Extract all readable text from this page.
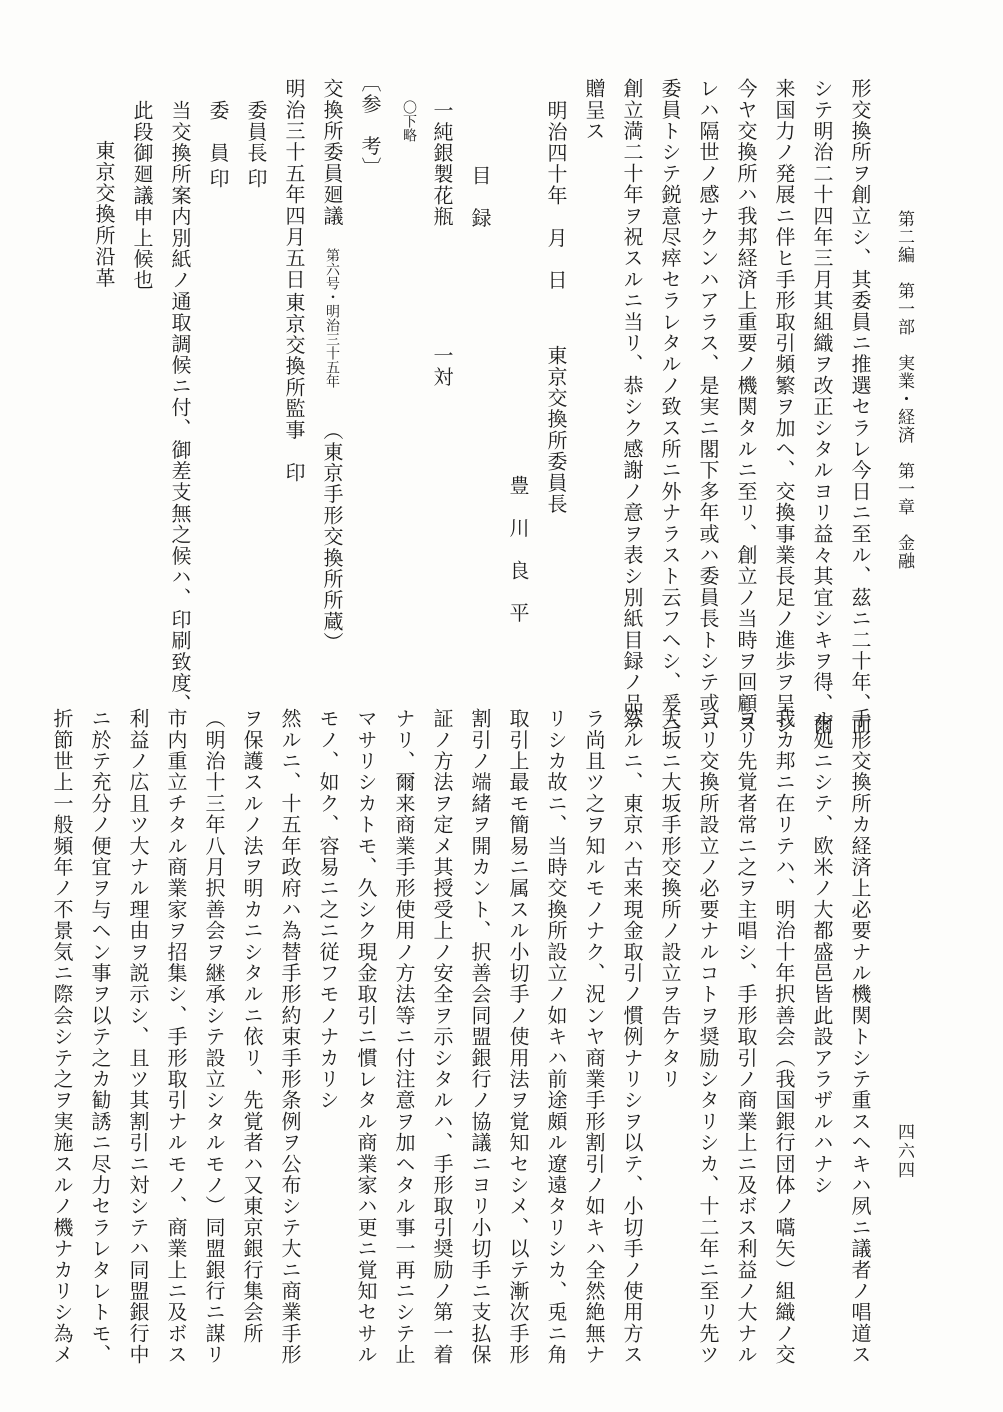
第二編　第一部　実業・経済　第一章　金融
四六四
形交換所ヲ創立シ、其委員ニ推選セラレ今日ニ至ル、茲ニ二十年、而
シテ明治二十四年三月其組織ヲ改正シタルヨリ益々其宜シキヲ得、爾
来国力ノ発展ニ伴ヒ手形取引頻繁ヲ加ヘ、交換事業長足ノ進歩ヲ呈シ
今ヤ交換所ハ我邦経済上重要ノ機関タルニ至リ、創立ノ当時ヲ回顧ス
レハ隔世ノ感ナクンハアラス、是実ニ閣下多年或ハ委員長トシテ或ハ
委員トシテ鋭意尽瘁セラレタルノ致ス所ニ外ナラスト云フヘシ、爰ニ
創立満二十年ヲ祝スルニ当リ、恭シク感謝ノ意ヲ表シ別紙目録ノ品ヲ
贈呈ス
明治四十年　月　日
東京交換所委員長
豊　川　良　平
目　録
一純銀製花瓶
一対
〇下略
〔参　考〕
交換所委員廻議
第六号・明治三十五年
（東京手形交換所所蔵）
明治三十五年四月五日
東京交換所監事
印
委員長
印
委　員
印
当交換所案内別紙ノ通取調候ニ付、御差支無之候ハ、印刷致度、
此段御廻議申上候也
東京交換所沿革
手形交換所カ経済上必要ナル機関トシテ重スヘキハ夙ニ議者ノ唱道ス
ル処ニシテ、欧米ノ大都盛邑皆此設アラザルハナシ
我カ邦ニ在リテハ、明治十年択善会（我国銀行団体ノ嚆矢）組織ノ交
ヨリ先覚者常ニ之ヲ主唱シ、手形取引ノ商業上ニ及ボス利益ノ大ナル
ヨリ交換所設立ノ必要ナルコトヲ奨励シタリシカ、十二年ニ至リ先ツ
大坂ニ大坂手形交換所ノ設立ヲ告ケタリ
然ルニ、東京ハ古来現金取引ノ慣例ナリシヲ以テ、小切手ノ使用方ス
ラ尚且ツ之ヲ知ルモノナク、況ンヤ商業手形割引ノ如キハ全然絶無ナ
リシカ故ニ、当時交換所設立ノ如キハ前途頗ル遼遠タリシカ、兎ニ角
取引上最モ簡易ニ属スル小切手ノ使用法ヲ覚知セシメ、以テ漸次手形
割引ノ端緒ヲ開カント、択善会同盟銀行ノ協議ニヨリ小切手ニ支払保
証ノ方法ヲ定メ其授受上ノ安全ヲ示シタルハ、手形取引奨励ノ第一着
ナリ、爾来商業手形使用ノ方法等ニ付注意ヲ加ヘタル事一再ニシテ止
マサリシカトモ、久シク現金取引ニ慣レタル商業家ハ更ニ覚知セサル
モノ、如ク、容易ニ之ニ従フモノナカリシ
然ルニ、十五年政府ハ為替手形約束手形条例ヲ公布シテ大ニ商業手形
ヲ保護スルノ法ヲ明カニシタルニ依リ、先覚者ハ又東京銀行集会所
（明治十三年八月択善会ヲ継承シテ設立シタルモノ）同盟銀行ニ謀リ
市内重立チタル商業家ヲ招集シ、手形取引ナルモノ、商業上ニ及ボス
利益ノ広且ツ大ナル理由ヲ説示シ、且ツ其割引ニ対シテハ同盟銀行中
ニ於テ充分ノ便宜ヲ与ヘン事ヲ以テ之カ勧誘ニ尽力セラレタレトモ、
折節世上一般頻年ノ不景気ニ際会シテ之ヲ実施スルノ機ナカリシ為メ
